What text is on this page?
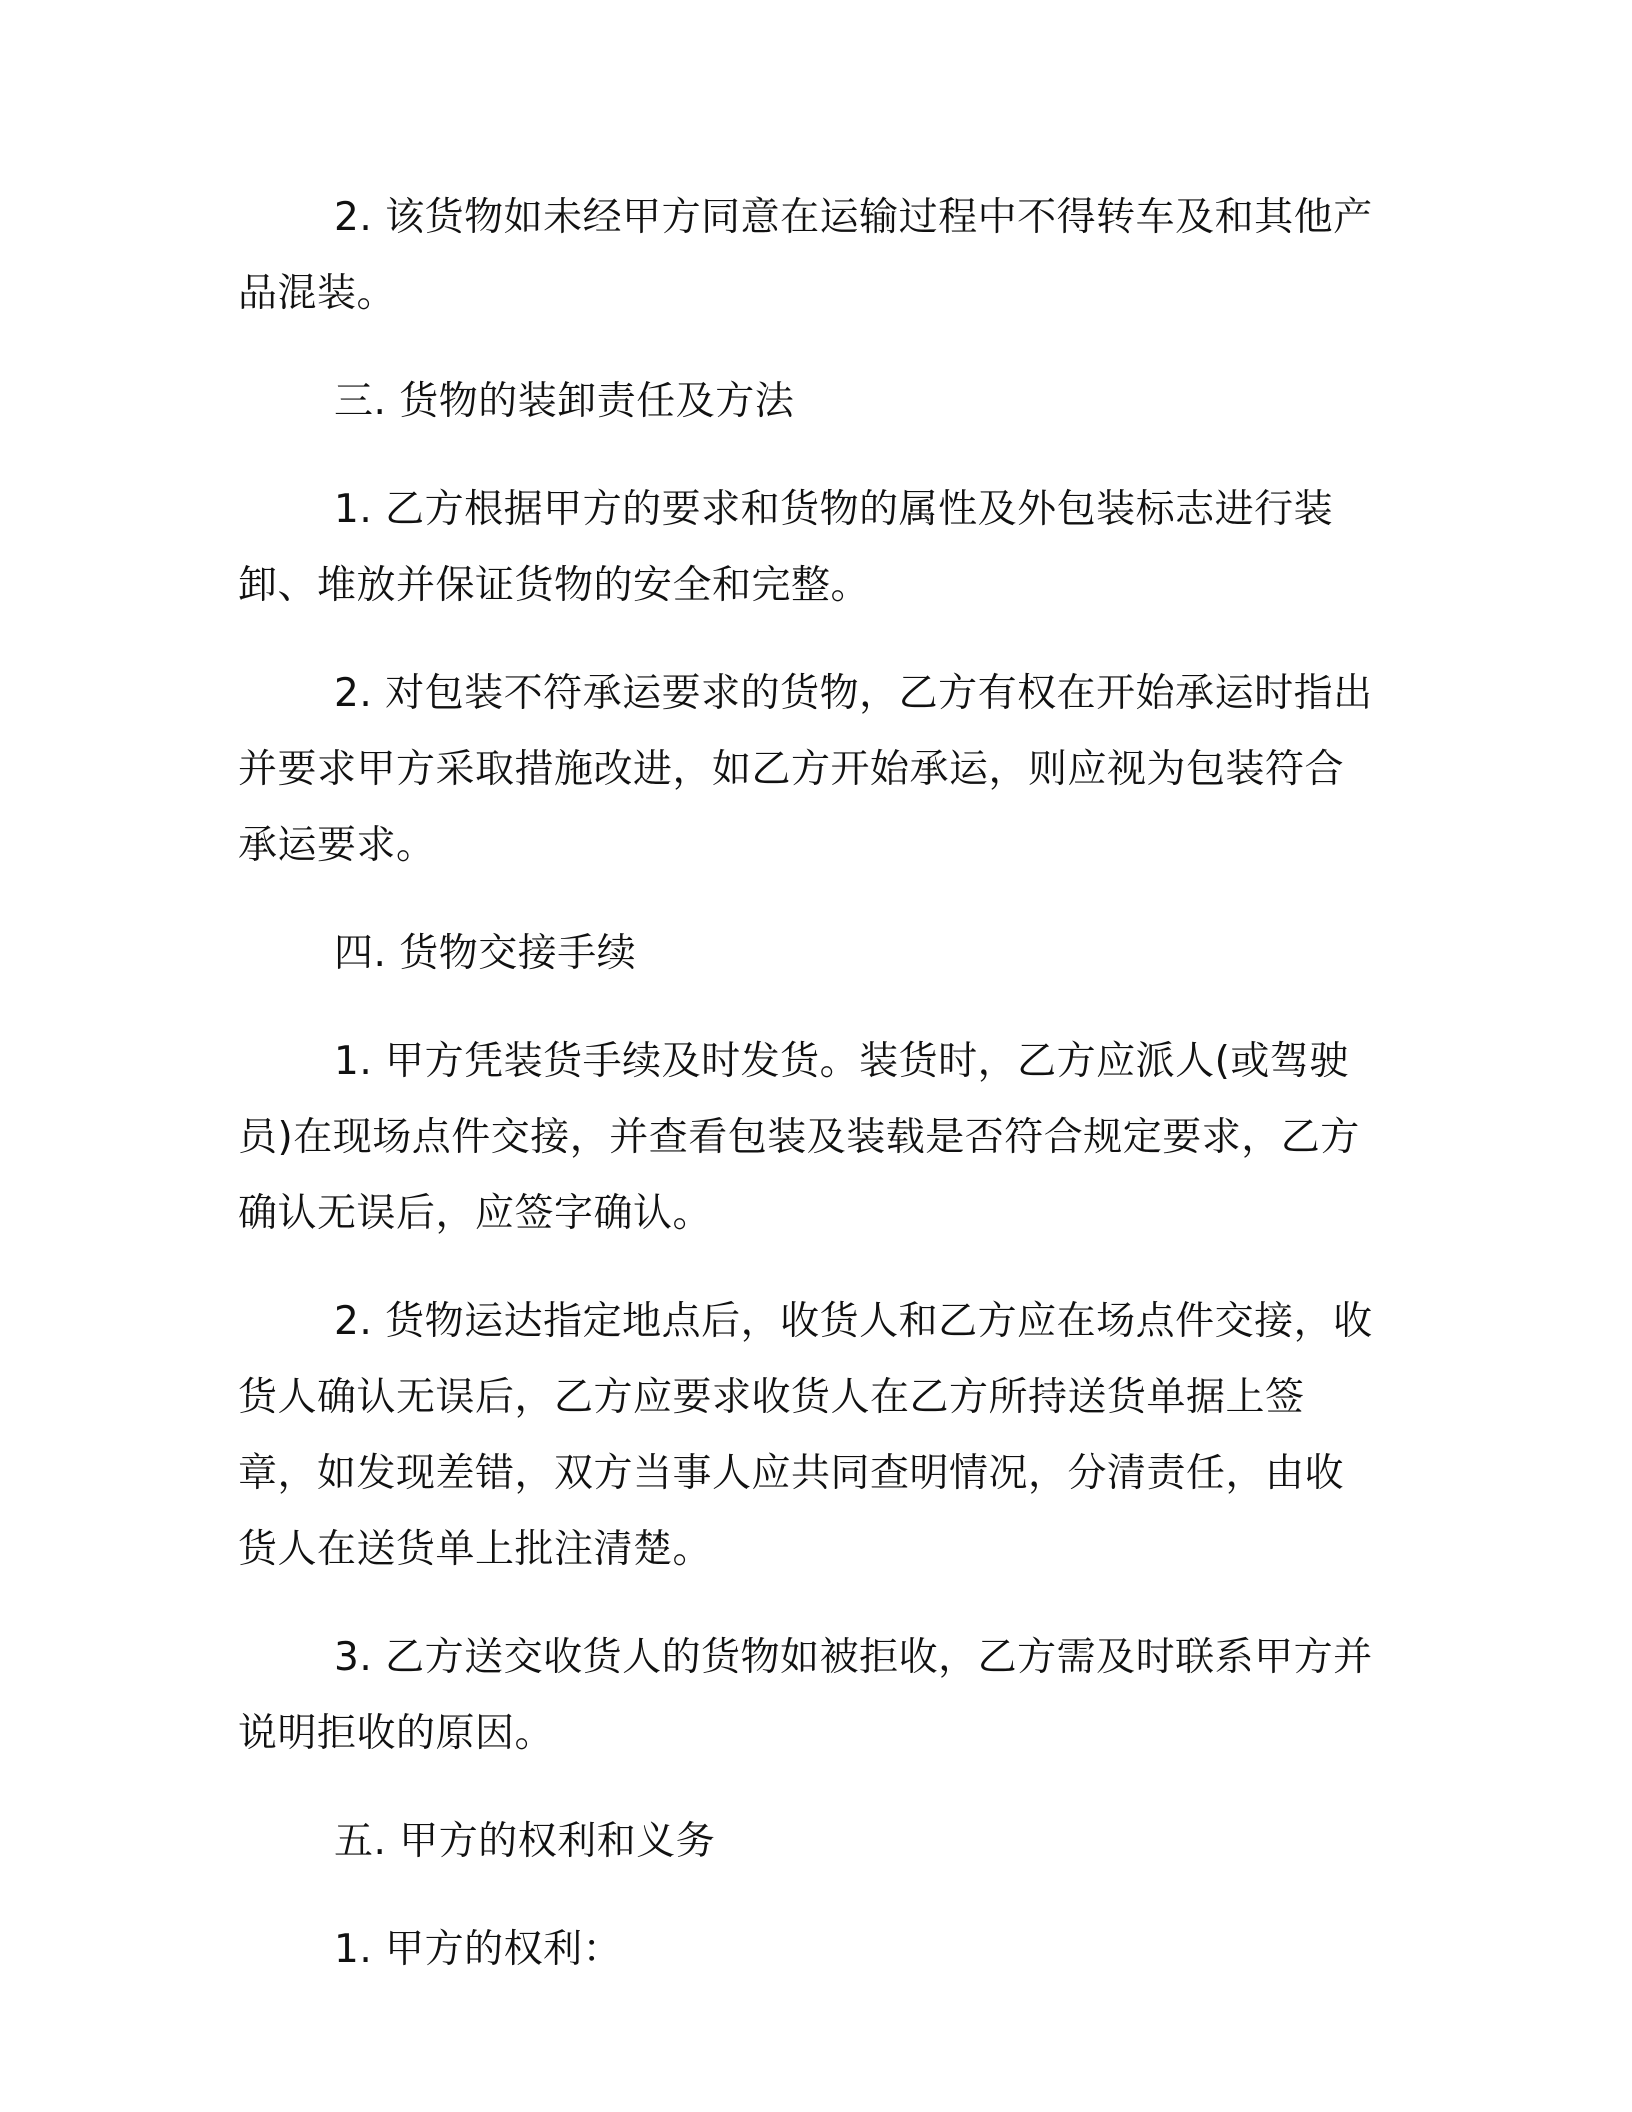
2. 该货物如未经甲方同意在运输过程中不得转车及和其他产品混装。

三. 货物的装卸责任及方法

1. 乙方根据甲方的要求和货物的属性及外包装标志进行装卸、堆放并保证货物的安全和完整。

2. 对包装不符承运要求的货物，乙方有权在开始承运时指出并要求甲方采取措施改进，如乙方开始承运，则应视为包装符合承运要求。

四. 货物交接手续

1. 甲方凭装货手续及时发货。装货时，乙方应派人(或驾驶员)在现场点件交接，并查看包装及装载是否符合规定要求，乙方确认无误后，应签字确认。

2. 货物运达指定地点后，收货人和乙方应在场点件交接，收货人确认无误后，乙方应要求收货人在乙方所持送货单据上签章，如发现差错，双方当事人应共同查明情况，分清责任，由收货人在送货单上批注清楚。

3. 乙方送交收货人的货物如被拒收，乙方需及时联系甲方并说明拒收的原因。

五. 甲方的权利和义务

1. 甲方的权利：
